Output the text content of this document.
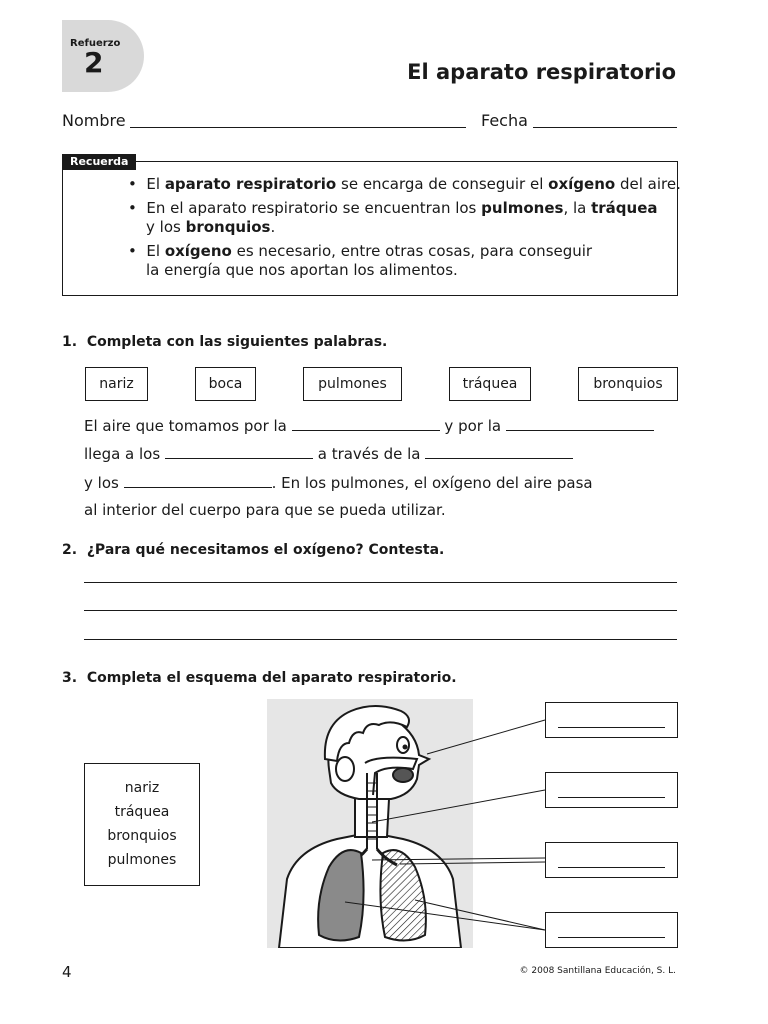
Refuerzo
2	El aparato respiratorio
Nombre	Fecha
Recuerda
•  El aparato respiratorio se encarga de conseguir el oxígeno del aire.
•  En el aparato respiratorio se encuentran los pulmones, la tráquea
y los bronquios.
•  El oxígeno es necesario, entre otras cosas, para conseguir
la energía que nos aportan los alimentos.
1. Completa con las siguientes palabras.
nariz	boca	pulmones	tráquea	bronquios
El aire que tomamos por la	y por la
llega a los	a través de la
y los	. En los pulmones, el oxígeno del aire pasa
al interior del cuerpo para que se pueda utilizar.
2. ¿Para qué necesitamos el oxígeno? Contesta.
3. Completa el esquema del aparato respiratorio.
nariz
tráquea
bronquios
pulmones
4	© 2008 Santillana Educación, S. L.
